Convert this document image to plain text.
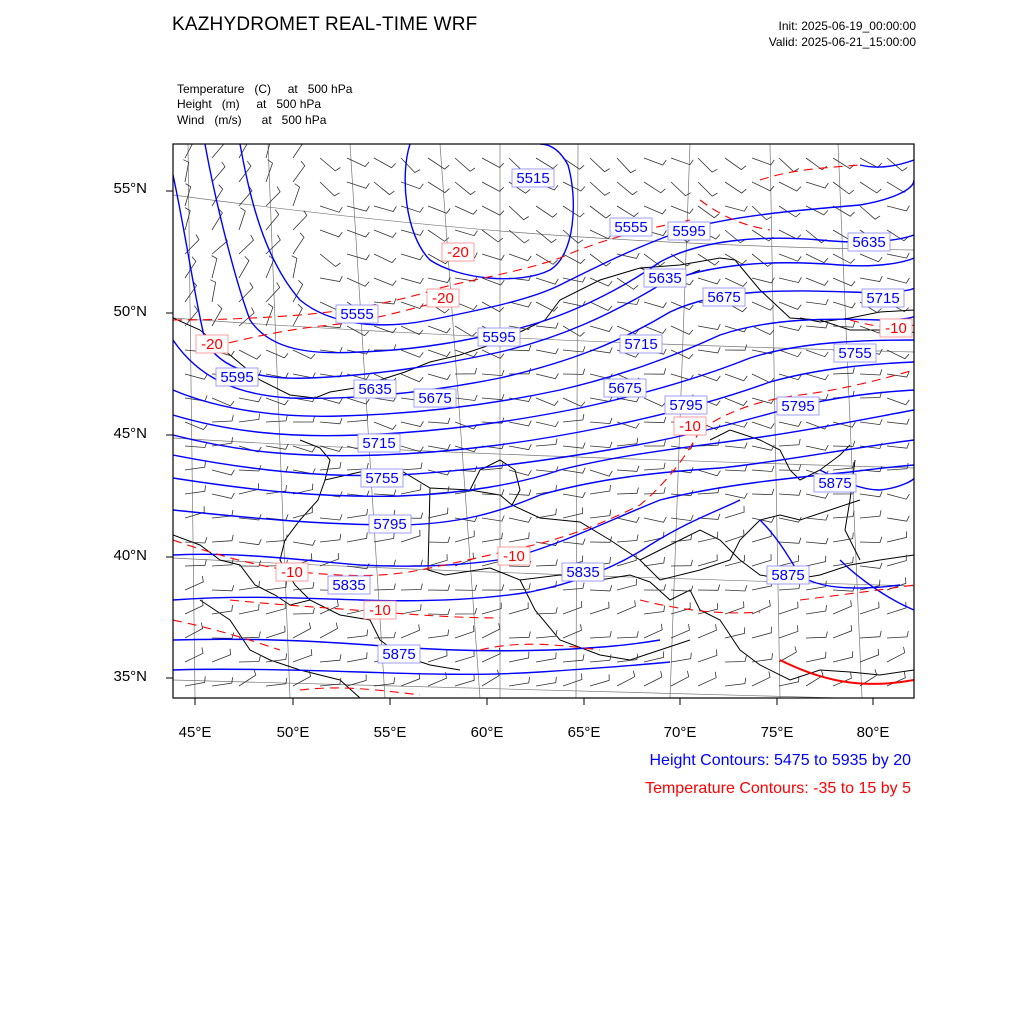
KAZHYDROMET REAL-TIME WRF	Init: 2025-06-19_00:00:00
Valid: 2025-06-21_15:00:00
Temperature   (C)     at   500 hPa
Height   (m)     at   500 hPa
Wind   (m/s)      at   500 hPa
5515
5555 5595
5635
5675
5715
5795
5555
5595
5635
5675
5715
5755
5795
5835
5875
5595
5635
5675
5715
5755
5795
5835
5875
5875
-20
-20
-20
-10
-10
-10
-10
-10
55°N
50°N
45°N
40°N
35°N
45°E	50°E	55°E	60°E	65°E	70°E	75°E	80°E
Height Contours: 5475 to 5935 by 20
Temperature Contours: -35 to 15 by 5
